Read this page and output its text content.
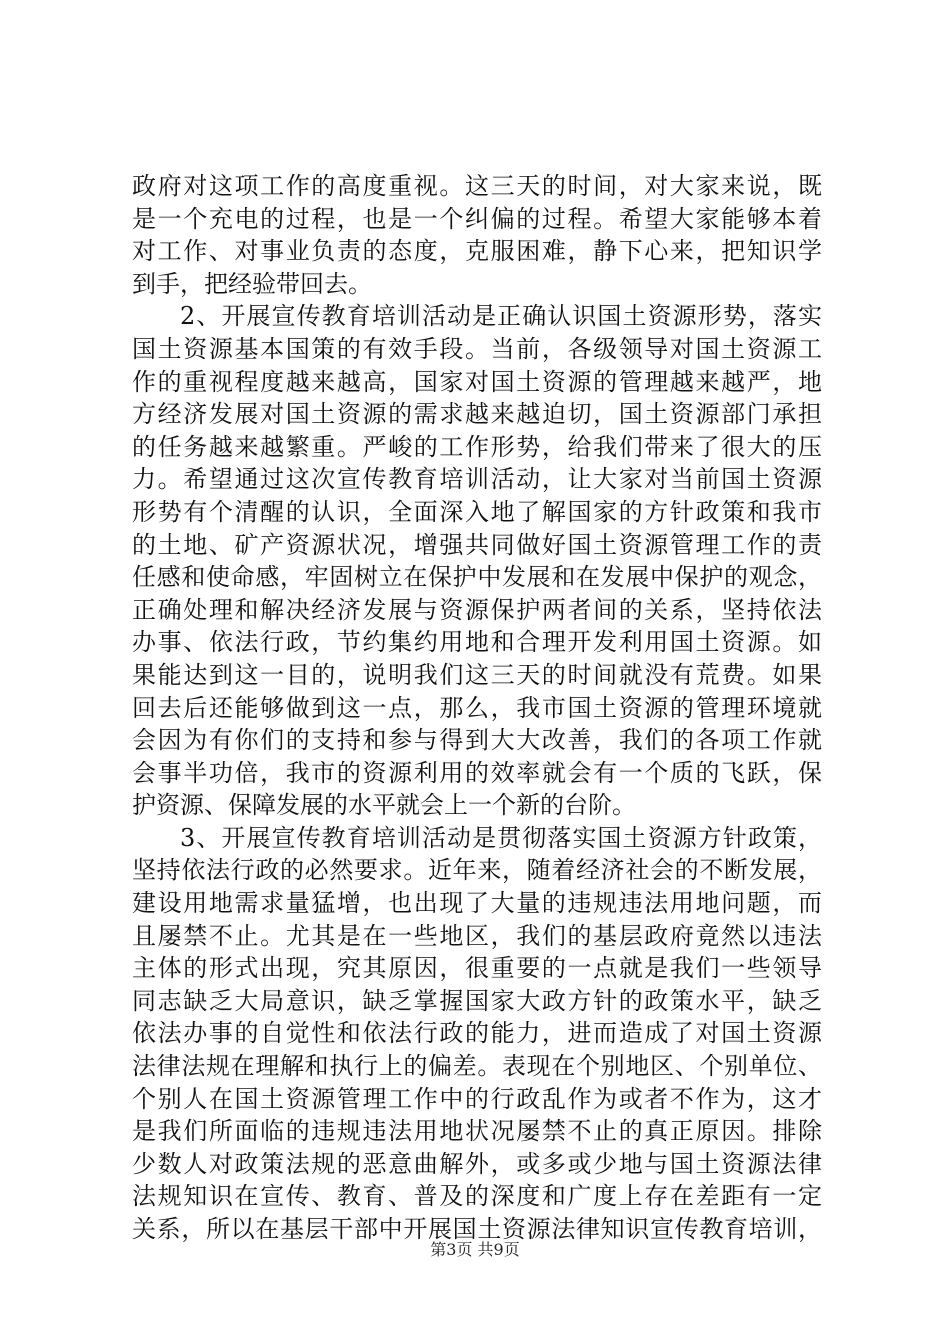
政府对这项工作的高度重视。这三天的时间，对大家来说，既
是一个充电的过程，也是一个纠偏的过程。希望大家能够本着
对工作、对事业负责的态度，克服困难，静下心来，把知识学
到手，把经验带回去。
2、开展宣传教育培训活动是正确认识国土资源形势，落实
国土资源基本国策的有效手段。当前，各级领导对国土资源工
作的重视程度越来越高，国家对国土资源的管理越来越严，地
方经济发展对国土资源的需求越来越迫切，国土资源部门承担
的任务越来越繁重。严峻的工作形势，给我们带来了很大的压
力。希望通过这次宣传教育培训活动，让大家对当前国土资源
形势有个清醒的认识，全面深入地了解国家的方针政策和我市
的土地、矿产资源状况，增强共同做好国土资源管理工作的责
任感和使命感，牢固树立在保护中发展和在发展中保护的观念，
正确处理和解决经济发展与资源保护两者间的关系，坚持依法
办事、依法行政，节约集约用地和合理开发利用国土资源。如
果能达到这一目的，说明我们这三天的时间就没有荒费。如果
回去后还能够做到这一点，那么，我市国土资源的管理环境就
会因为有你们的支持和参与得到大大改善，我们的各项工作就
会事半功倍，我市的资源利用的效率就会有一个质的飞跃，保
护资源、保障发展的水平就会上一个新的台阶。
3、开展宣传教育培训活动是贯彻落实国土资源方针政策，
坚持依法行政的必然要求。近年来，随着经济社会的不断发展，
建设用地需求量猛增，也出现了大量的违规违法用地问题，而
且屡禁不止。尤其是在一些地区，我们的基层政府竟然以违法
主体的形式出现，究其原因，很重要的一点就是我们一些领导
同志缺乏大局意识，缺乏掌握国家大政方针的政策水平，缺乏
依法办事的自觉性和依法行政的能力，进而造成了对国土资源
法律法规在理解和执行上的偏差。表现在个别地区、个别单位、
个别人在国土资源管理工作中的行政乱作为或者不作为，这才
是我们所面临的违规违法用地状况屡禁不止的真正原因。排除
少数人对政策法规的恶意曲解外，或多或少地与国土资源法律
法规知识在宣传、教育、普及的深度和广度上存在差距有一定
关系，所以在基层干部中开展国土资源法律知识宣传教育培训，
第3页 共9页
